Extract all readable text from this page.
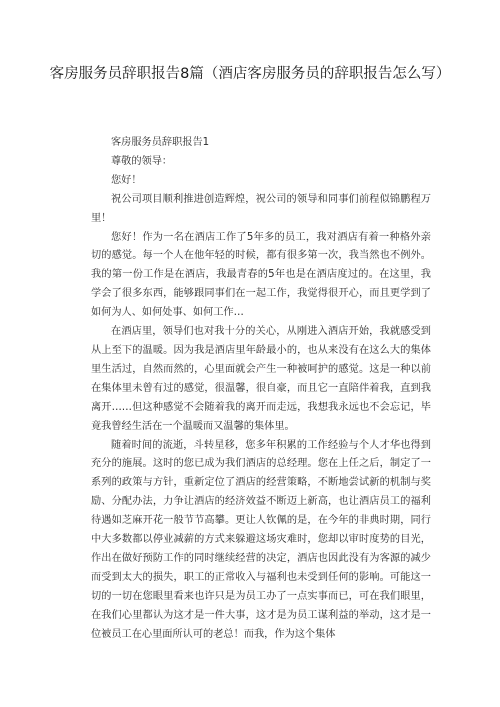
客房服务员辞职报告8篇（酒店客房服务员的辞职报告怎么写）

客房服务员辞职报告1

尊敬的领导：

您好！

祝公司项目顺利推进创造辉煌，祝公司的领导和同事们前程似锦鹏程万里！

您好！作为一名在酒店工作了5年多的员工，我对酒店有着一种格外亲切的感觉。每一个人在他年轻的时候，都有很多第一次，我当然也不例外。我的第一份工作是在酒店，我最青春的5年也是在酒店度过的。在这里，我学会了很多东西，能够跟同事们在一起工作，我觉得很开心，而且更学到了如何为人、如何处事、如何工作…

在酒店里，领导们也对我十分的关心，从刚进入酒店开始，我就感受到从上至下的温暖。因为我是酒店里年龄最小的，也从来没有在这么大的集体里生活过，自然而然的，心里面就会产生一种被呵护的感觉。这是一种以前在集体里未曾有过的感觉，很温馨，很自豪，而且它一直陪伴着我，直到我离开……但这种感觉不会随着我的离开而走远，我想我永远也不会忘记，毕竟我曾经生活在一个温暖而又温馨的集体里。

随着时间的流逝，斗转星移，您多年积累的工作经验与个人才华也得到充分的施展。这时的您已成为我们酒店的总经理。您在上任之后，制定了一系列的政策与方针，重新定位了酒店的经营策略，不断地尝试新的机制与奖励、分配办法，力争让酒店的经济效益不断迈上新高，也让酒店员工的福利待遇如芝麻开花一般节节高攀。更让人钦佩的是，在今年的非典时期，同行中大多数都以停业减薪的方式来躲避这场灾难时，您却以审时度势的目光，作出在做好预防工作的同时继续经营的决定，酒店也因此没有为客源的减少而受到太大的损失，职工的正常收入与福利也未受到任何的影响。可能这一切的一切在您眼里看来也许只是为员工办了一点实事而已，可在我们眼里，在我们心里都认为这才是一件大事，这才是为员工谋利益的举动，这才是一位被员工在心里面所认可的老总！而我，作为这个集体
